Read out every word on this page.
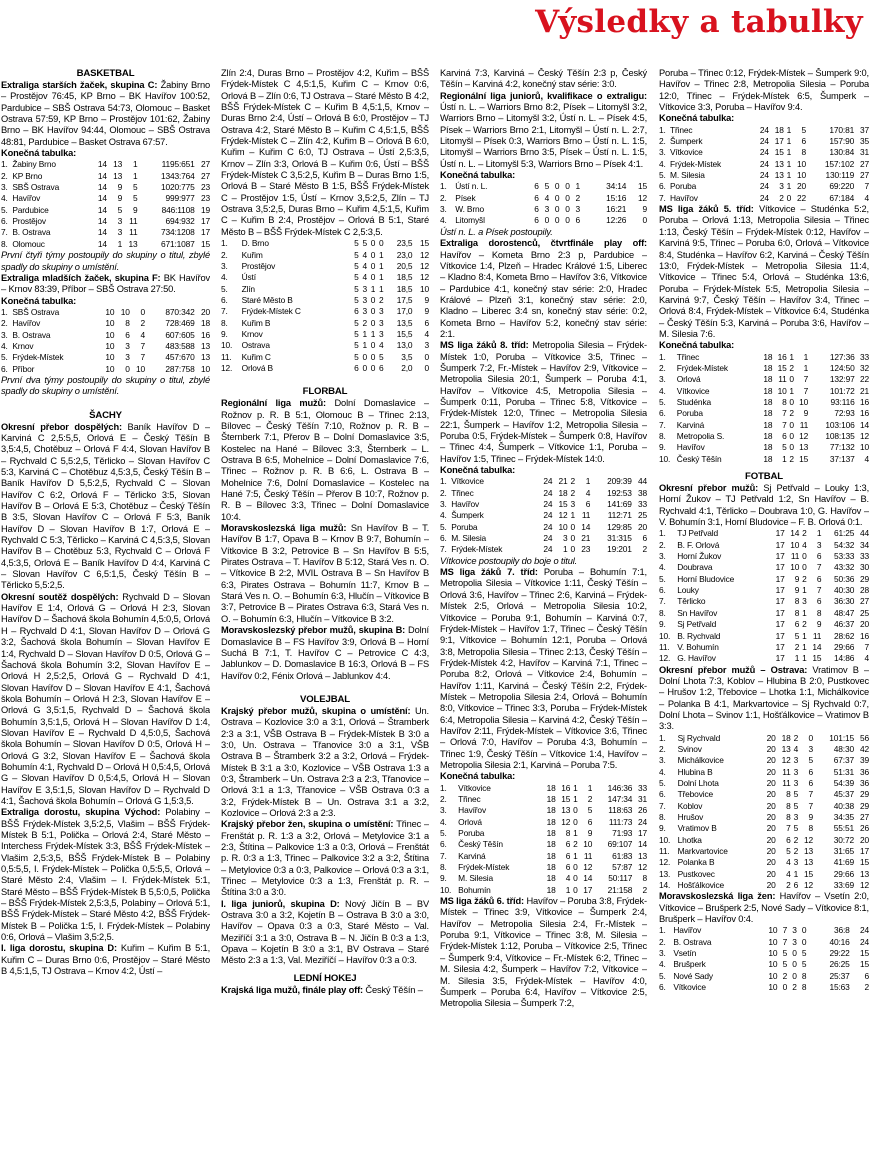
Výsledky a tabulky
BASKETBAL

Extraliga starších žaček, skupina C: Žabiny Brno – Prostějov 76:45, KP Brno – BK Havířov 100:52, Pardubice – SBŠ Ostrava 54:73, Olomouc – Basket Ostrava 57:59, KP Brno – Prostějov 101:62, Žabiny Brno – BK Havířov 94:44, Olomouc – SBŠ Ostrava 48:81, Pardubice – Basket Ostrava 67:57.

Konečná tabulka:

1.	Žabiny Brno	14	13	1	1195:651	27
2.	KP Brno	14	13	1	1343:764	27
3.	SBŠ Ostrava	14	9	5	1020:775	23
4.	Havířov	14	9	5	999:977	23
5.	Pardubice	14	5	9	846:1108	19
6.	Prostějov	14	3	11	694:932	17
7.	B. Ostrava	14	3	11	734:1208	17
8.	Olomouc	14	1	13	671:1087	15

První čtyři týmy postoupily do skupiny o titul, zbylé spadly do skupiny o umístění.

Extraliga mladších žaček, skupina F: BK Havířov – Krnov 83:39, Příbor – SBŠ Ostrava 27:50.

Konečná tabulka:

1.	SBŠ Ostrava	10	10	0	870:342	20
2.	Havířov	10	8	2	728:469	18
3.	B. Ostrava	10	6	4	607:605	16
4.	Krnov	10	3	7	483:588	13
5.	Frýdek-Místek	10	3	7	457:670	13
6.	Příbor	10	0	10	287:758	10

První dva týmy postoupily do skupiny o titul, zbylé spadly do skupiny o umístění.

ŠACHY

Okresní přebor dospělých: Baník Havířov D – Karviná C 2,5:5,5, Orlová E – Český Těšín B 3,5:4,5, Chotěbuz – Orlová F 4:4, Slovan Havířov B – Rychvald C 5,5:2,5, Těrlicko – Slovan Havířov C 5:3, Karviná C – Chotěbuz 4,5:3,5, Český Těšín B – Baník Havířov D 5,5:2,5, Rychvald C – Slovan Havířov C 6:2, Orlová F – Těrlicko 3:5, Slovan Havířov B – Orlová E 5:3, Chotěbuz – Český Těšín B 3:5, Slovan Havířov C – Orlová F 5:3, Baník Havířov D – Slovan Havířov B 1:7, Orlová E – Rychvald C 5:3, Těrlicko – Karviná C 4,5:3,5, Slovan Havířov B – Chotěbuz 5:3, Rychvald C – Orlová F 4,5:3,5, Orlová E – Baník Havířov D 4:4, Karviná C – Slovan Havířov C 6,5:1,5, Český Těšín B – Těrlicko 5,5:2,5.

Okresní soutěž dospělých: Rychvald D – Slovan Havířov E 1:4, Orlová G – Orlová H 2:3, Slovan Havířov D – Šachová škola Bohumín 4,5:0,5, Orlová H – Rychvald D 4:1, Slovan Havířov D – Orlová G 3:2, Šachová škola Bohumín – Slovan Havířov E 1:4, Rychvald D – Slovan Havířov D 0:5, Orlová G – Šachová škola Bohumín 3:2, Slovan Havířov E – Orlová H 2,5:2,5, Orlová G – Rychvald D 4:1, Slovan Havířov D – Slovan Havířov E 4:1, Šachová škola Bohumín – Orlová H 2:3, Slovan Havířov E – Orlová G 3,5:1,5, Rychvald D – Šachová škola Bohumín 3,5:1,5, Orlová H – Slovan Havířov D 1:4, Slovan Havířov E – Rychvald D 4,5:0,5, Šachová škola Bohumín – Slovan Havířov D 0:5, Orlová H – Orlová G 3:2, Slovan Havířov E – Šachová škola Bohumín 4:1, Rychvald D – Orlová H 0,5:4,5, Orlová G – Slovan Havířov D 0,5:4,5, Orlová H – Slovan Havířov E 3,5:1,5, Slovan Havířov D – Rychvald D 4:1, Šachová škola Bohumín – Orlová G 1,5:3,5.

Extraliga dorostu, skupina Východ: Polabiny – BŠŠ Frýdek-Místek 3,5:2,5, Vlašim – BŠŠ Frýdek-Místek B 5:1, Polička – Orlová 2:4, Staré Město – Interchess Frýdek-Místek 3:3, BŠŠ Frýdek-Místek – Vlašim 2,5:3,5, BŠŠ Frýdek-Místek B – Polabiny 0,5:5,5, I. Frýdek-Místek – Polička 0,5:5,5, Orlová – Staré Město 2:4, Vlašim – I. Frýdek-Místek 5:1, Staré Město – BŠŠ Frýdek-Místek B 5,5:0,5, Polička – BŠŠ Frýdek-Místek 2,5:3,5, Polabiny – Orlová 5:1, BŠŠ Frýdek-Místek – Staré Město 4:2, BŠŠ Frýdek-Místek B – Polička 1:5, I. Frýdek-Místek – Polabiny 0:6, Orlová – Vlašim 3,5:2,5.

I. liga dorostu, skupina D: Kuřim – Kuřim B 5:1, Kuřim C – Duras Brno 0:6, Prostějov – Staré Město B 4,5:1,5, TJ Ostrava – Krnov 4:2, Ústí –

Zlín 2:4, Duras Brno – Prostějov 4:2, Kuřim – BŠŠ Frýdek-Místek C 4,5:1,5, Kuřim C – Krnov 0:6, Orlová B – Zlín 0:6, TJ Ostrava – Staré Město B 4:2, BŠŠ Frýdek-Místek C – Kuřim B 4,5:1,5, Krnov – Duras Brno 2:4, Ústí – Orlová B 6:0, Prostějov – TJ Ostrava 4:2, Staré Město B – Kuřim C 4,5:1,5, BŠŠ Frýdek-Místek C – Zlín 4:2, Kuřim B – Orlová B 6:0, Kuřim – Kuřim C 6:0, TJ Ostrava – Ústí 2,5:3,5, Krnov – Zlín 3:3, Orlová B – Kuřim 0:6, Ústí – BŠŠ Frýdek-Místek C 3,5:2,5, Kuřim B – Duras Brno 1:5, Orlová B – Staré Město B 1:5, BŠŠ Frýdek-Místek C – Prostějov 1:5, Ústí – Krnov 3,5:2,5, Zlín – TJ Ostrava 3,5:2,5, Duras Brno – Kuřim 4,5:1,5, Kuřim C – Kuřim B 2:4, Prostějov – Orlová B 5:1, Staré Město B – BŠŠ Frýdek-Místek C 2,5:3,5.

1.	D. Brno	5	5	0	0	23,5	15
2.	Kuřim	5	4	0	1	23,0	12
3.	Prostějov	5	4	0	1	20,5	12
4.	Ústí	5	4	0	1	18,5	12
5.	Zlín	5	3	1	1	18,5	10
6.	Staré Město B	5	3	0	2	17,5	9
7.	Frýdek-Místek C	6	3	0	3	17,0	9
8.	Kuřim B	5	2	0	3	13,5	6
9.	Krnov	5	1	1	3	15,5	4
10.	Ostrava	5	1	0	4	13,0	3
11.	Kuřim C	5	0	0	5	3,5	0
12.	Orlová B	6	0	0	6	2,0	0
FLORBAL

Regionální liga mužů: Dolní Domaslavice – Rožnov p. R. B 5:1, Olomouc B – Třinec 2:13, Bílovec – Český Těšín 7:10, Rožnov p. R. B – Šternberk 7:1, Přerov B – Dolní Domaslavice 3:5, Kostelec na Hané – Bílovec 3:3, Šternberk – L. Ostrava B 6:5, Mohelnice – Dolní Domaslavice 7:6, Třinec – Rožnov p. R. B 6:6, L. Ostrava B – Mohelnice 7:6, Dolní Domaslavice – Kostelec na Hané 7:5, Český Těšín – Přerov B 10:7, Rožnov p. R. B – Bílovec 3:3, Třinec – Dolní Domaslavice 10:4.

Moravskoslezská liga mužů: Sn Havířov B – T. Havířov B 1:7, Opava B – Krnov B 9:7, Bohumín – Vítkovice B 3:2, Petrovice B – Sn Havířov B 5:5, Pirates Ostrava – T. Havířov B 5:12, Stará Ves n. O. – Vítkovice B 2:2, MVIL Ostrava B – Sn Havířov B 6:3, Pirates Ostrava – Bohumín 11:7, Krnov B – Stará Ves n. O. – Bohumín 6:3, Hlučín – Vítkovice B 3:7, Petrovice B – Pirates Ostrava 6:3, Stará Ves n. O. – Bohumín 6:3, Hlučín – Vítkovice B 3:2.

Moravskoslezský přebor mužů, skupina B: Dolní Domaslavice B – FS Havířov 3:9, Orlová B – Horní Suchá B 7:1, T. Havířov C – Petrovice C 4:3, Jablunkov – D. Domaslavice B 16:3, Orlová B – FS Havířov 0:2, Fénix Orlová – Jablunkov 4:4.

VOLEJBAL

Krajský přebor mužů, skupina o umístění: Un. Ostrava – Kozlovice 3:0 a 3:1, Orlová – Štramberk 2:3 a 3:1, VŠB Ostrava B – Frýdek-Místek B 3:0 a 3:0, Un. Ostrava – Třanovice 3:0 a 3:1, VŠB Ostrava B – Štramberk 3:2 a 3:2, Orlová – Frýdek-Místek B 3:1 a 3:0, Kozlovice – VŠB Ostrava 1:3 a 0:3, Štramberk – Un. Ostrava 2:3 a 2:3, Třanovice – Orlová 3:1 a 1:3, Třanovice – VŠB Ostrava 0:3 a 3:2, Frýdek-Místek B – Un. Ostrava 3:1 a 3:2, Kozlovice – Orlová 2:3 a 2:3.

Krajský přebor žen, skupina o umístění: Třinec – Frenštát p. R. 1:3 a 3:2, Orlová – Metylovice 3:1 a 2:3, Štítina – Palkovice 1:3 a 0:3, Orlová – Frenštát p. R. 0:3 a 1:3, Třinec – Palkovice 3:2 a 3:2, Štítina – Metylovice 0:3 a 0:3, Palkovice – Orlová 0:3 a 3:1, Třinec – Metylovice 0:3 a 1:3, Frenštát p. R. – Štítina 3:0 a 3:0.

I. liga juniorů, skupina D: Nový Jičín B – BV Ostrava 3:0 a 3:2, Kojetín B – Ostrava B 3:0 a 3:0, Havířov – Opava 0:3 a 0:3, Staré Město – Val. Meziříčí 3:1 a 3:0, Ostrava B – N. Jičín B 0:3 a 1:3, Opava – Kojetín B 3:0 a 3:1, BV Ostrava – Staré Město 2:3 a 1:3, Val. Meziříčí – Havířov 0:3 a 0:3.

LEDNÍ HOKEJ

Krajská liga mužů, finále play off: Český Těšín –

Karviná 7:3, Karviná – Český Těšín 2:3 p, Český Těšín – Karviná 4:2, konečný stav série: 3:0.

Regionální liga juniorů, kvalifikace o extraligu: Ústí n. L. – Warriors Brno 8:2, Písek – Litomyšl 3:2, Warriors Brno – Litomyšl 3:2, Ústí n. L. – Písek 4:5, Písek – Warriors Brno 2:1, Litomyšl – Ústí n. L. 2:7, Litomyšl – Písek 0:3, Warriors Brno – Ústí n. L. 1:5, Litomyšl – Warriors Brno 3:5, Písek – Ústí n. L. 1:5, Ústí n. L. – Litomyšl 5:3, Warriors Brno – Písek 4:1.

Konečná tabulka:

1.	Ústí n. L.	6	5	0	0	1	34:14	15
2.	Písek	6	4	0	0	2	15:16	12
3.	W. Brno	6	3	0	0	3	16:21	9
4.	Litomyšl	6	0	0	0	6	12:26	0

Ústí n. L. a Písek postoupily.

Extraliga dorostenců, čtvrtfinále play off: Havířov – Kometa Brno 2:3 p, Pardubice – Vítkovice 1:4, Plzeň – Hradec Králové 1:5, Liberec – Kladno 8:4, Kometa Brno – Havířov 3:6, Vítkovice – Pardubice 4:1, konečný stav série: 2:0, Hradec Králové – Plzeň 3:1, konečný stav série: 2:0, Kladno – Liberec 3:4 sn, konečný stav série: 0:2, Kometa Brno – Havířov 5:2, konečný stav série: 2:1.

MS liga žáků 8. tříd: Metropolia Silesia – Frýdek-Místek 1:0, Poruba – Vítkovice 3:5, Třinec – Šumperk 7:2, Fr.-Místek – Havířov 2:9, Vítkovice – Metropolia Silesia 20:1, Šumperk – Poruba 4:1, Havířov – Vítkovice 4:5, Metropolia Silesia – Šumperk 0:11, Poruba – Třinec 5:8, Vítkovice – Frýdek-Místek 12:0, Třinec – Metropolia Silesia 22:1, Šumperk – Havířov 1:2, Metropolia Silesia – Poruba 0:5, Frýdek-Místek – Šumperk 0:8, Havířov – Třinec 4:4, Šumperk – Vítkovice 1:1, Poruba – Havířov 1:5, Třinec – Frýdek-Místek 14:0.

Konečná tabulka:

1.	Vítkovice	24	21	2	1	209:39	44
2.	Třinec	24	18	2	4	192:53	38
3.	Havířov	24	15	3	6	141:69	33
4.	Šumperk	24	12	1	11	112:71	25
5.	Poruba	24	10	0	14	129:85	20
6.	M. Silesia	24	3	0	21	31:315	6
7.	Frýdek-Místek	24	1	0	23	19:201	2

Vítkovice postoupily do boje o titul.

MS liga žáků 7. tříd: Poruba – Bohumín 7:1, Metropolia Silesia – Vítkovice 1:11, Český Těšín – Orlová 3:6, Havířov – Třinec 2:6, Karviná – Frýdek-Místek 2:5, Orlová – Metropolia Silesia 10:2, Vítkovice – Poruba 9:1, Bohumín – Karviná 0:7, Frýdek-Místek – Havířov 1:7, Třinec – Český Těšín 9:1, Vítkovice – Bohumín 12:1, Poruba – Orlová 3:8, Metropolia Silesia – Třinec 2:13, Český Těšín – Frýdek-Místek 4:2, Havířov – Karviná 7:1, Třinec – Poruba 8:2, Orlová – Vítkovice 2:4, Bohumín – Havířov 1:11, Karviná – Český Těšín 2:2, Frýdek-Místek – Metropolia Silesia 2:4, Orlová – Bohumín 8:0, Vítkovice – Třinec 3:3, Poruba – Frýdek-Místek 6:4, Metropolia Silesia – Karviná 4:2, Český Těšín – Havířov 2:11, Frýdek-Místek – Vítkovice 3:6, Třinec – Orlová 7:0, Havířov – Poruba 4:3, Bohumín – Třinec 1:9, Český Těšín – Vítkovice 1:4, Havířov – Metropolia Silesia 2:1, Karviná – Poruba 7:5.

Konečná tabulka:

1.	Vítkovice	18	16	1	1	146:36	33
2.	Třinec	18	15	1	2	147:34	31
3.	Havířov	18	13	0	5	118:63	26
4.	Orlová	18	12	0	6	111:73	24
5.	Poruba	18	8	1	9	71:93	17
6.	Český Těšín	18	6	2	10	69:107	14
7.	Karviná	18	6	1	11	61:83	13
8.	Frýdek-Místek	18	6	0	12	57:87	12
9.	M. Silesia	18	4	0	14	50:117	8
10.	Bohumín	18	1	0	17	21:158	2

MS liga žáků 6. tříd: Havířov – Poruba 3:8, Frýdek-Místek – Třinec 3:9, Vítkovice – Šumperk 2:4, Havířov – Metropolia Silesia 2:4, Fr.-Místek – Poruba 9:1, Vítkovice – Třinec 3:8, M. Silesia – Frýdek-Místek 1:12, Poruba – Vítkovice 2:5, Třinec – Šumperk 9:4, Vítkovice – Fr.-Místek 6:2, Třinec – M. Silesia 4:2, Šumperk – Havířov 7:2, Vítkovice – M. Silesia 3:5, Frýdek-Místek – Havířov 4:0, Šumperk – Poruba 6:4, Havířov – Vítkovice 2:5, Metropolia Silesia – Šumperk 7:2,

Poruba – Třinec 0:12, Frýdek-Místek – Šumperk 9:0, Havířov – Třinec 2:8, Metropolia Silesia – Poruba 12:0, Třinec – Frýdek-Místek 6:5, Šumperk – Vítkovice 3:3, Poruba – Havířov 9:4.

Konečná tabulka:

1.	Třinec	24	18	1	5	170:81	37
2.	Šumperk	24	17	1	6	157:90	35
3.	Vítkovice	24	15	1	8	130:84	31
4.	Frýdek-Místek	24	13	1	10	157:102	27
5.	M. Silesia	24	13	1	10	130:119	27
6.	Poruba	24	3	1	20	69:220	7
7.	Havířov	24	2	0	22	67:184	4

MS liga žáků 5. tříd: Vítkovice – Studénka 5:2, Poruba – Orlová 1:13, Metropolia Silesia – Třinec 1:13, Český Těšín – Frýdek-Místek 0:12, Havířov – Karviná 9:5, Třinec – Poruba 6:0, Orlová – Vítkovice 8:4, Studénka – Havířov 6:2, Karviná – Český Těšín 13:0, Frýdek-Místek – Metropolia Silesia 11:4, Vítkovice – Třinec 5:4, Orlová – Studénka 13:6, Poruba – Frýdek-Místek 5:5, Metropolia Silesia – Karviná 9:7, Český Těšín – Havířov 3:4, Třinec – Orlová 8:4, Frýdek-Místek – Vítkovice 6:4, Studénka – Český Těšín 5:3, Karviná – Poruba 3:6, Havířov – M. Silesia 7:6.

Konečná tabulka:

1.	Třinec	18	16	1	1	127:36	33
2.	Frýdek-Místek	18	15	2	1	124:50	32
3.	Orlová	18	11	0	7	132:97	22
4.	Vítkovice	18	10	1	7	101:72	21
5.	Studénka	18	8	0	10	93:116	16
6.	Poruba	18	7	2	9	72:93	16
7.	Karviná	18	7	0	11	103:106	14
8.	Metropolia S.	18	6	0	12	108:135	12
9.	Havířov	18	5	0	13	77:132	10
10.	Český Těšín	18	1	2	15	37:137	4
FOTBAL

Okresní přebor mužů: Sj Petřvald – Louky 1:3, Horní Žukov – TJ Petřvald 1:2, Sn Havířov – B. Rychvald 4:1, Těrlicko – Doubrava 1:0, G. Havířov – V. Bohumín 3:1, Horní Bludovice – F. B. Orlová 0:1.

1.	TJ Petřvald	17	14	2	1	61:25	44
2.	B. F. Orlová	17	10	4	3	54:32	34
3.	Horní Žukov	17	11	0	6	53:33	33
4.	Doubrava	17	10	0	7	43:32	30
5.	Horní Bludovice	17	9	2	6	50:36	29
6.	Louky	17	9	1	7	40:30	28
7.	Těrlicko	17	8	3	6	36:30	27
8.	Sn Havířov	17	8	1	8	48:47	25
9.	Sj Petřvald	17	6	2	9	46:37	20
10.	B. Rychvald	17	5	1	11	28:62	16
11.	V. Bohumín	17	2	1	14	29:66	7
12.	G. Havířov	17	1	1	15	14:86	4

Okresní přebor mužů – Ostrava: Vratimov B – Dolní Lhota 7:3, Koblov – Hlubina B 2:0, Pustkovec – Hrušov 1:2, Třebovice – Lhotka 1:1, Michálkovice – Polanka B 4:1, Markvartovice – Sj Rychvald 0:7, Dolní Lhota – Svinov 1:1, Hošťálkovice – Vratimov B 3:3.

1.	Sj Rychvald	20	18	2	0	101:15	56
2.	Svinov	20	13	4	3	48:30	42
3.	Michálkovice	20	12	3	5	67:37	39
4.	Hlubina B	20	11	3	6	51:31	36
5.	Dolní Lhota	20	11	3	6	54:39	36
6.	Třebovice	20	8	5	7	45:37	29
7.	Koblov	20	8	5	7	40:38	29
8.	Hrušov	20	8	3	9	34:35	27
9.	Vratimov B	20	7	5	8	55:51	26
10.	Lhotka	20	6	2	12	30:72	20
11.	Markvartovice	20	5	2	13	31:65	17
12.	Polanka B	20	4	3	13	41:69	15
13.	Pustkovec	20	4	1	15	29:66	13
14.	Hošťálkovice	20	2	6	12	33:69	12

Moravskoslezská liga žen: Havířov – Vsetín 2:0, Vítkovice – Brušperk 2:5, Nové Sady – Vítkovice 8:1, Brušperk – Havířov 0:4.

1.	Havířov	10	7	3	0	36:8	24
2.	B. Ostrava	10	7	3	0	40:16	24
3.	Vsetín	10	5	0	5	29:22	15
4.	Brušperk	10	5	0	5	26:25	15
5.	Nové Sady	10	2	0	8	25:37	6
6.	Vítkovice	10	0	2	8	15:63	2
